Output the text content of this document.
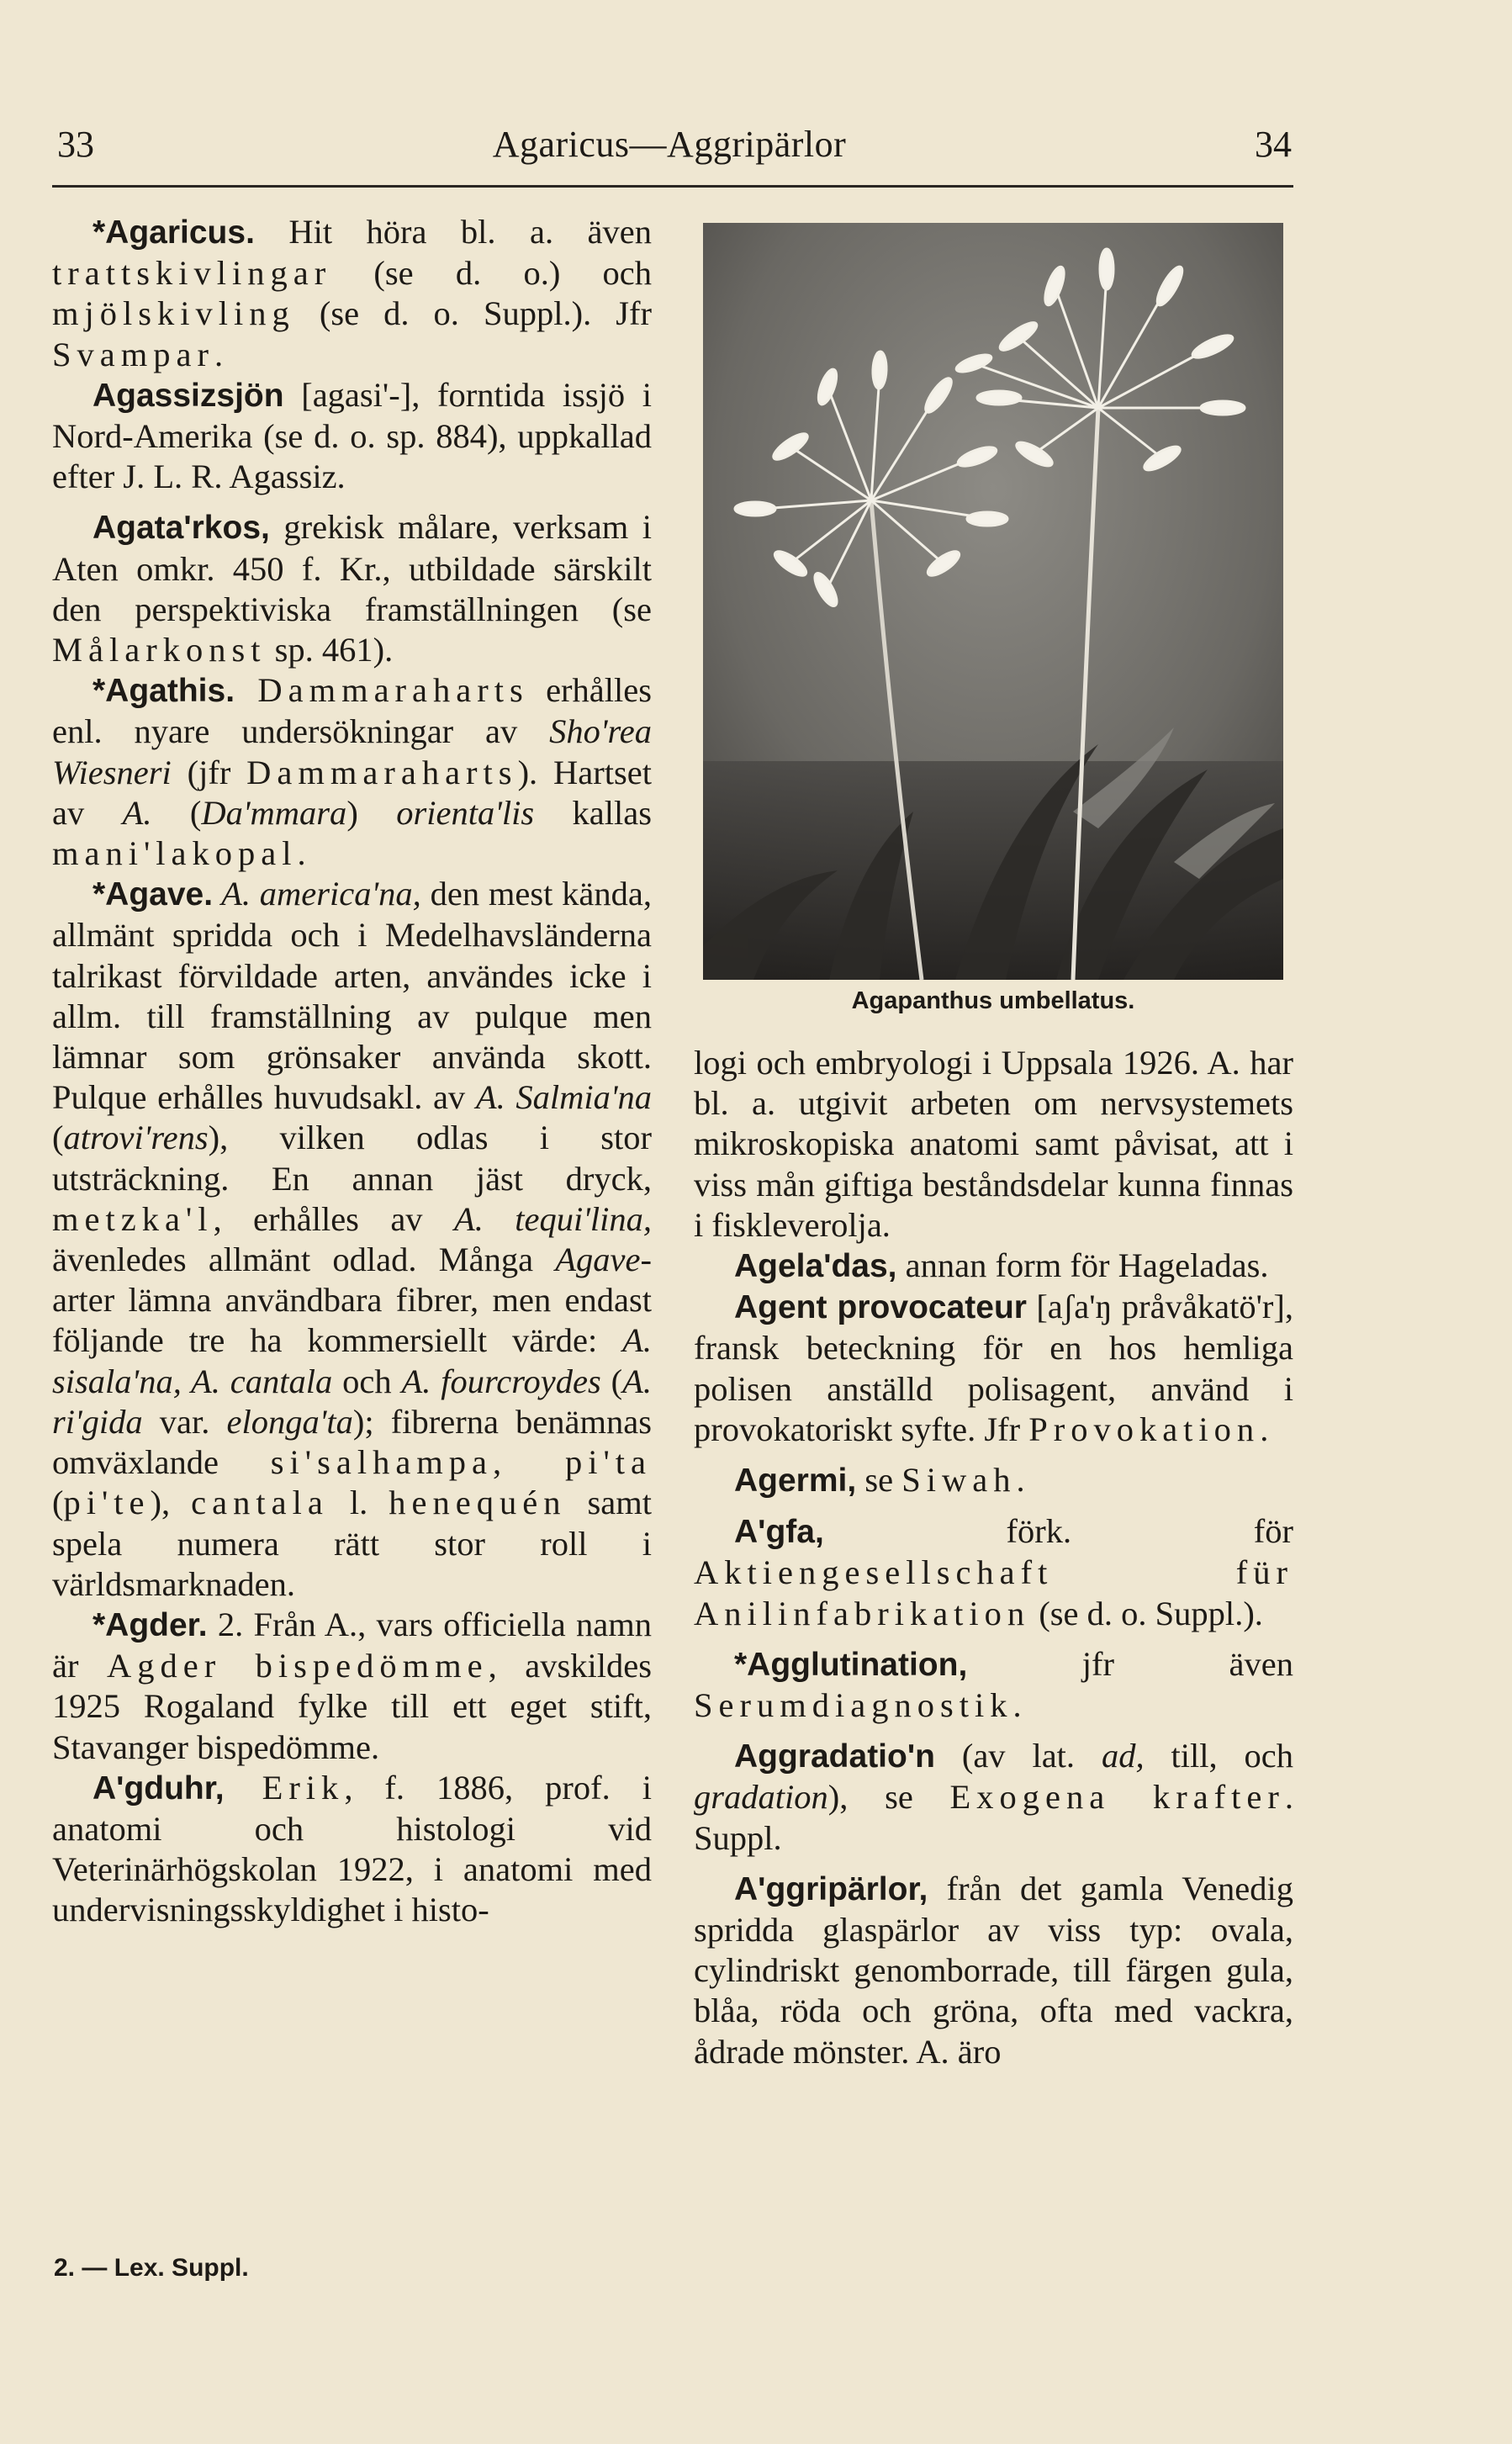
33	Agaricus—Aggripärlor	34

*Agaricus. Hit höra bl. a. även trattskivlingar (se d. o.) och mjölskivling (se d. o. Suppl.). Jfr Svampar.

Agassizsjön [agasi'-], forntida issjö i Nord-Amerika (se d. o. sp. 884), uppkallad efter J. L. R. Agassiz.

Agata'rkos, grekisk målare, verksam i Aten omkr. 450 f. Kr., utbildade särskilt den perspektiviska framställningen (se Målarkonst sp. 461).

*Agathis. Dammaraharts erhålles enl. nyare undersökningar av Sho'rea Wiesneri (jfr Dammaraharts). Hartset av A. (Da'mmara) orienta'lis kallas mani'lakopal.

*Agave. A. america'na, den mest kända, allmänt spridda och i Medelhavsländerna talrikast förvildade arten, användes icke i allm. till framställning av pulque men lämnar som grönsaker använda skott. Pulque erhålles huvudsakl. av A. Salmia'na (atrovi'rens), vilken odlas i stor utsträckning. En annan jäst dryck, metzka'l, erhålles av A. tequi'lina, ävenledes allmänt odlad. Många Agave-arter lämna användbara fibrer, men endast följande tre ha kommersiellt värde: A. sisala'na, A. cantala och A. fourcroydes (A. ri'gida var. elonga'ta); fibrerna benämnas omväxlande si'salhampa, pi'ta (pi'te), cantala l. henequén samt spela numera rätt stor roll i världsmarknaden.

*Agder. 2. Från A., vars officiella namn är Agder bispedömme, avskildes 1925 Rogaland fylke till ett eget stift, Stavanger bispedömme.

A'gduhr, Erik, f. 1886, prof. i anatomi och histologi vid Veterinärhögskolan 1922, i anatomi med undervisningsskyldighet i histo-

Agapanthus umbellatus.

logi och embryologi i Uppsala 1926. A. har bl. a. utgivit arbeten om nervsystemets mikroskopiska anatomi samt påvisat, att i viss mån giftiga beståndsdelar kunna finnas i fiskleverolja.

Agela'das, annan form för Hageladas.

Agent provocateur [aʃa'ŋ pråvåkatö'r], fransk beteckning för en hos hemliga polisen anställd polisagent, använd i provokatoriskt syfte. Jfr Provokation.

Agermi, se Siwah.

A'gfa, förk. för Aktiengesellschaft für Anilinfabrikation (se d. o. Suppl.).

*Agglutination, jfr även Serumdiagnostik.

Aggradatio'n (av lat. ad, till, och gradation), se Exogena krafter. Suppl.

A'ggripärlor, från det gamla Venedig spridda glaspärlor av viss typ: ovala, cylindriskt genomborrade, till färgen gula, blåa, röda och gröna, ofta med vackra, ådrade mönster. A. äro

2. — Lex. Suppl.
